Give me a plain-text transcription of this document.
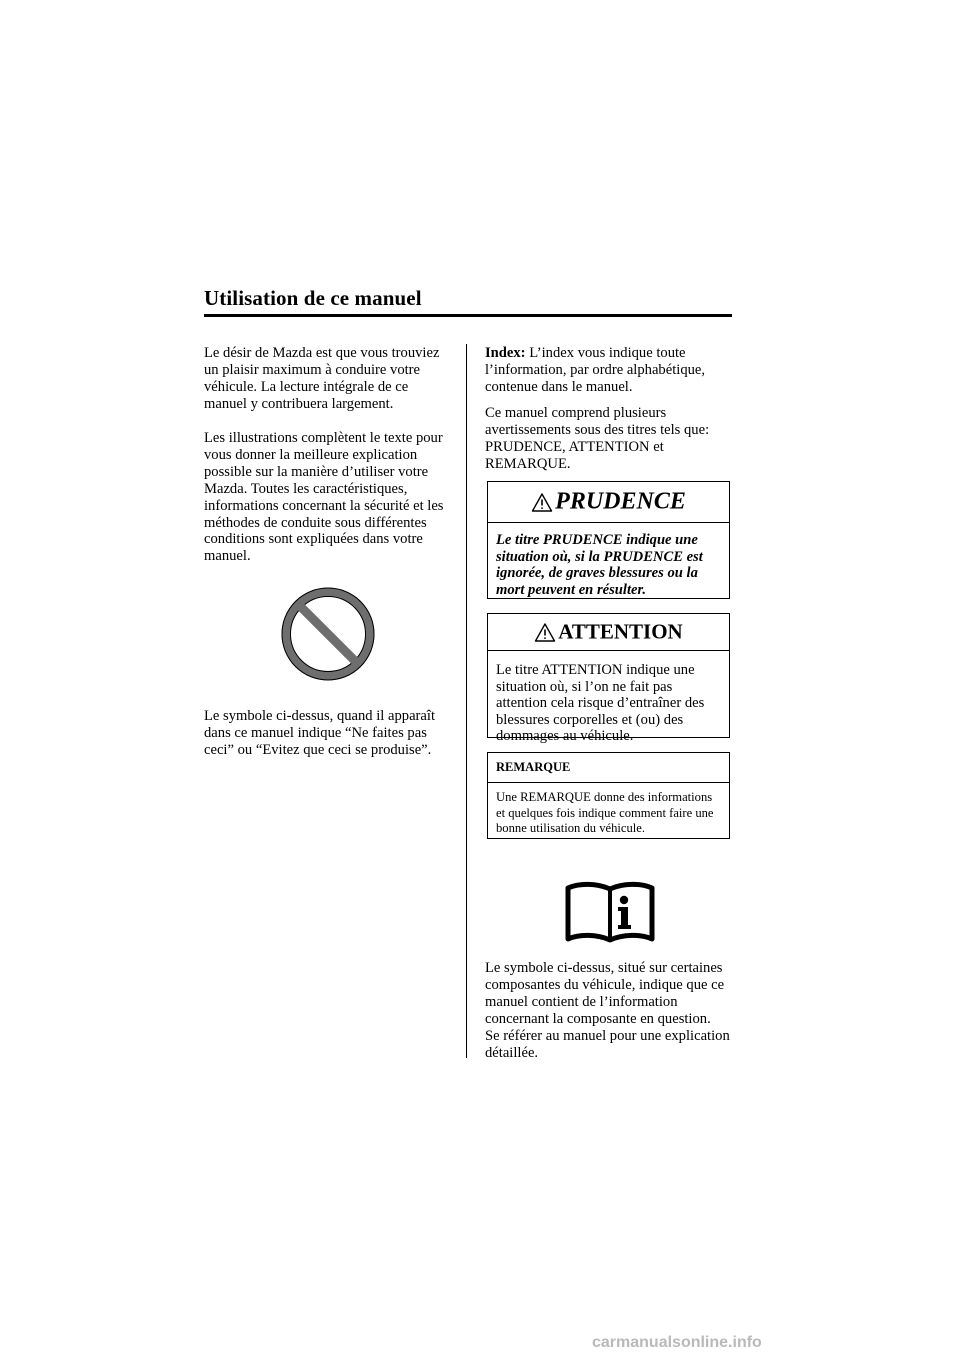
Utilisation de ce manuel

Le désir de Mazda est que vous trouviez
un plaisir maximum à conduire votre
véhicule. La lecture intégrale de ce
manuel y contribuera largement.

Les illustrations complètent le texte pour
vous donner la meilleure explication
possible sur la manière d’utiliser votre
Mazda. Toutes les caractéristiques,
informations concernant la sécurité et les
méthodes de conduite sous différentes
conditions sont expliquées dans votre
manuel.

Le symbole ci-dessus, quand il apparaît
dans ce manuel indique “Ne faites pas
ceci” ou “Evitez que ceci se produise”.

Index: L’index vous indique toute
l’information, par ordre alphabétique,
contenue dans le manuel.

Ce manuel comprend plusieurs
avertissements sous des titres tels que:
PRUDENCE, ATTENTION et
REMARQUE.

PRUDENCE

Le titre PRUDENCE indique une
situation où, si la PRUDENCE est
ignorée, de graves blessures ou la
mort peuvent en résulter.

ATTENTION

Le titre ATTENTION indique une
situation où, si l’on ne fait pas
attention cela risque d’entraîner des
blessures corporelles et (ou) des
dommages au véhicule.

REMARQUE

Une REMARQUE donne des informations
et quelques fois indique comment faire une
bonne utilisation du véhicule.

Le symbole ci-dessus, situé sur certaines
composantes du véhicule, indique que ce
manuel contient de l’information
concernant la composante en question.
Se référer au manuel pour une explication
détaillée.

carmanualsonline.info
